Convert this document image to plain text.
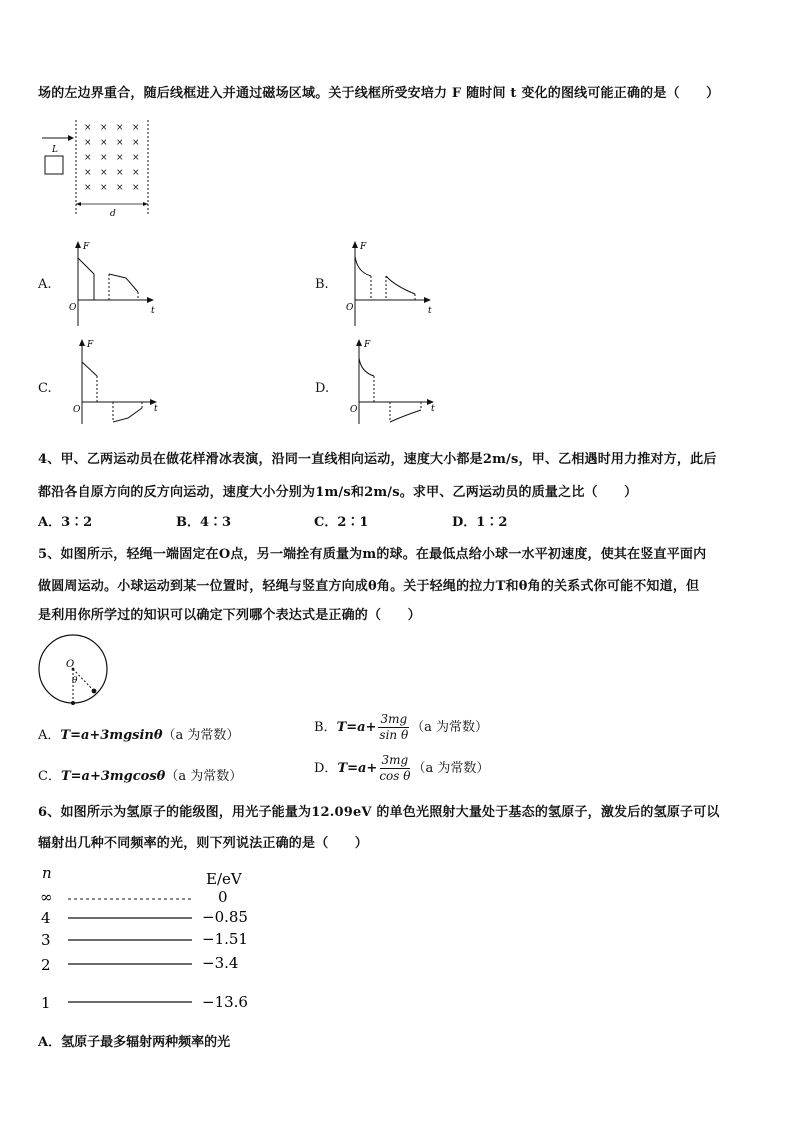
场的左边界重合，随后线框进入并通过磁场区域。关于线框所受安培力 F 随时间 t 变化的图线可能正确的是（　　）
L
× × × ×
× × × ×
× × × ×
× × × ×
× × × ×
d
A.
F
O	t
B.
F
O	t
C.
F
O	t
D.
F
O	t
4、甲、乙两运动员在做花样滑冰表演，沿同一直线相向运动，速度大小都是2m/s，甲、乙相遇时用力推对方，此后
都沿各自原方向的反方向运动，速度大小分别为1m/s和2m/s。求甲、乙两运动员的质量之比（　　）
A．3∶2	B．4∶3	C．2∶1	D．1∶2
5、如图所示，轻绳一端固定在O点，另一端拴有质量为m的球。在最低点给小球一水平初速度，使其在竖直平面内
做圆周运动。小球运动到某一位置时，轻绳与竖直方向成θ角。关于轻绳的拉力T和θ角的关系式你可能不知道，但
是利用你所学过的知识可以确定下列哪个表达式是正确的（　　）
O
θ
A．T=a+3mgsinθ（a 为常数）
B．$T=a+ \frac{3mg}{\text{sin θ}} (a$ 为常数）
C．T=a+3mgcosθ（a 为常数）
D．$T=a+ \frac{3mg}{\text{cos θ}} (a$ 为常数）
6、如图所示为氢原子的能级图，用光子能量为12.09eV 的单色光照射大量处于基态的氢原子，激发后的氢原子可以
辐射出几种不同频率的光，则下列说法正确的是（　　）
n	E/eV
∞	0
4	−0.85
3	−1.51
2	−3.4
1	−13.6
A．氢原子最多辐射两种频率的光
